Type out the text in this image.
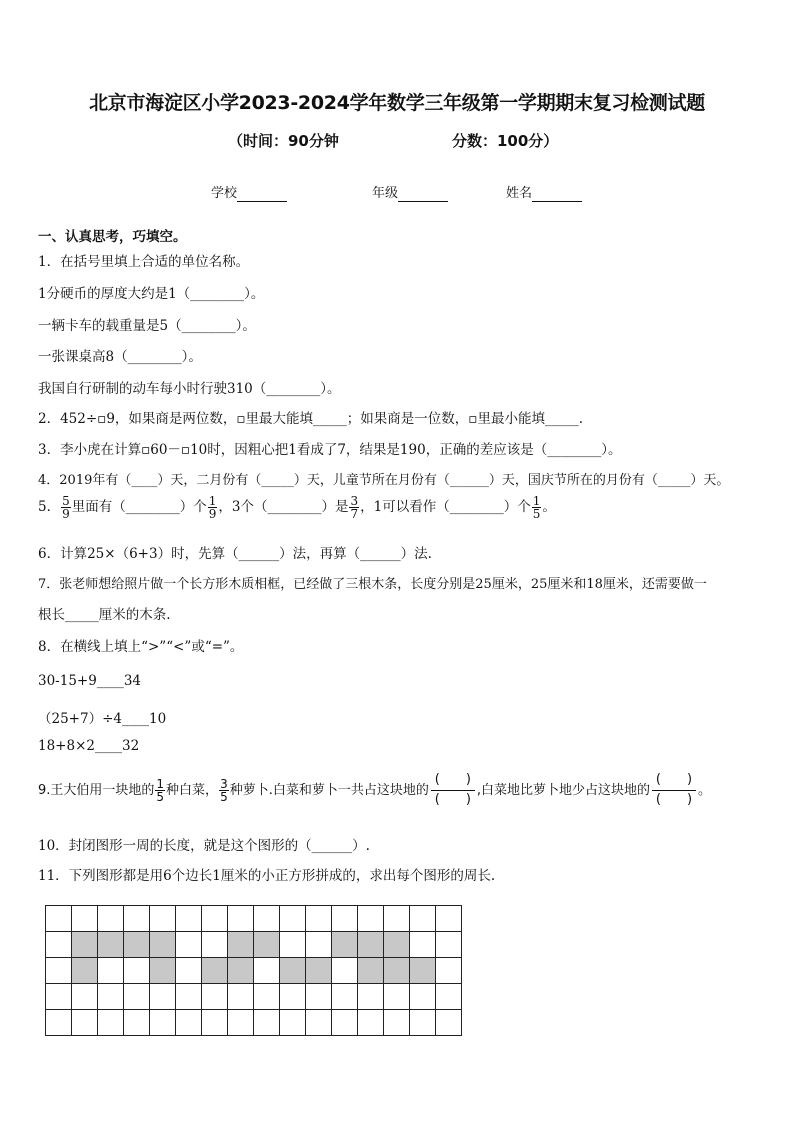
北京市海淀区小学2023-2024学年数学三年级第一学期期末复习检测试题
（时间：90分钟	分数：100分）
学校	年级	姓名
一、认真思考，巧填空。
1．在括号里填上合适的单位名称。
1分硬币的厚度大约是1（________）。
一辆卡车的载重量是5（________）。
一张课桌高8（________）。
我国自行研制的动车每小时行驶310（________）。
2．452÷▫9，如果商是两位数，▫里最大能填_____；如果商是一位数，▫里最小能填_____.
3．李小虎在计算▫60－▫10时，因粗心把1看成了7，结果是190，正确的差应该是（________）。
4．2019年有（____）天，二月份有（_____）天，儿童节所在月份有（______）天，国庆节所在的月份有（_____）天。
5． $\frac{5}{9}$ 里面有（________）个 $\frac{1}{9}$ ，3个（________）是 $\frac{3}{7}$ ，1可以看作（________）个 $\frac{1}{5}$ 。
6．计算25×（6+3）时，先算（______）法，再算（______）法.
7．张老师想给照片做一个长方形木质相框，已经做了三根木条，长度分别是25厘米，25厘米和18厘米，还需要做一
根长_____厘米的木条.
8．在横线上填上“>”“<”或“=”。
30-15+9____34
（25+7）÷4____10
18+8×2____32
9.王大伯用一块地的 $\frac{1}{5}$ 种白菜， $\frac{3}{5}$ 种萝卜.白菜和萝卜一共占这块地的(　　)
(　　),白菜地比萝卜地少占这块地的(　　)
(　　)。
10．封闭图形一周的长度，就是这个图形的（______）.
11．下列图形都是用6个边长1厘米的小正方形拼成的，求出每个图形的周长.
